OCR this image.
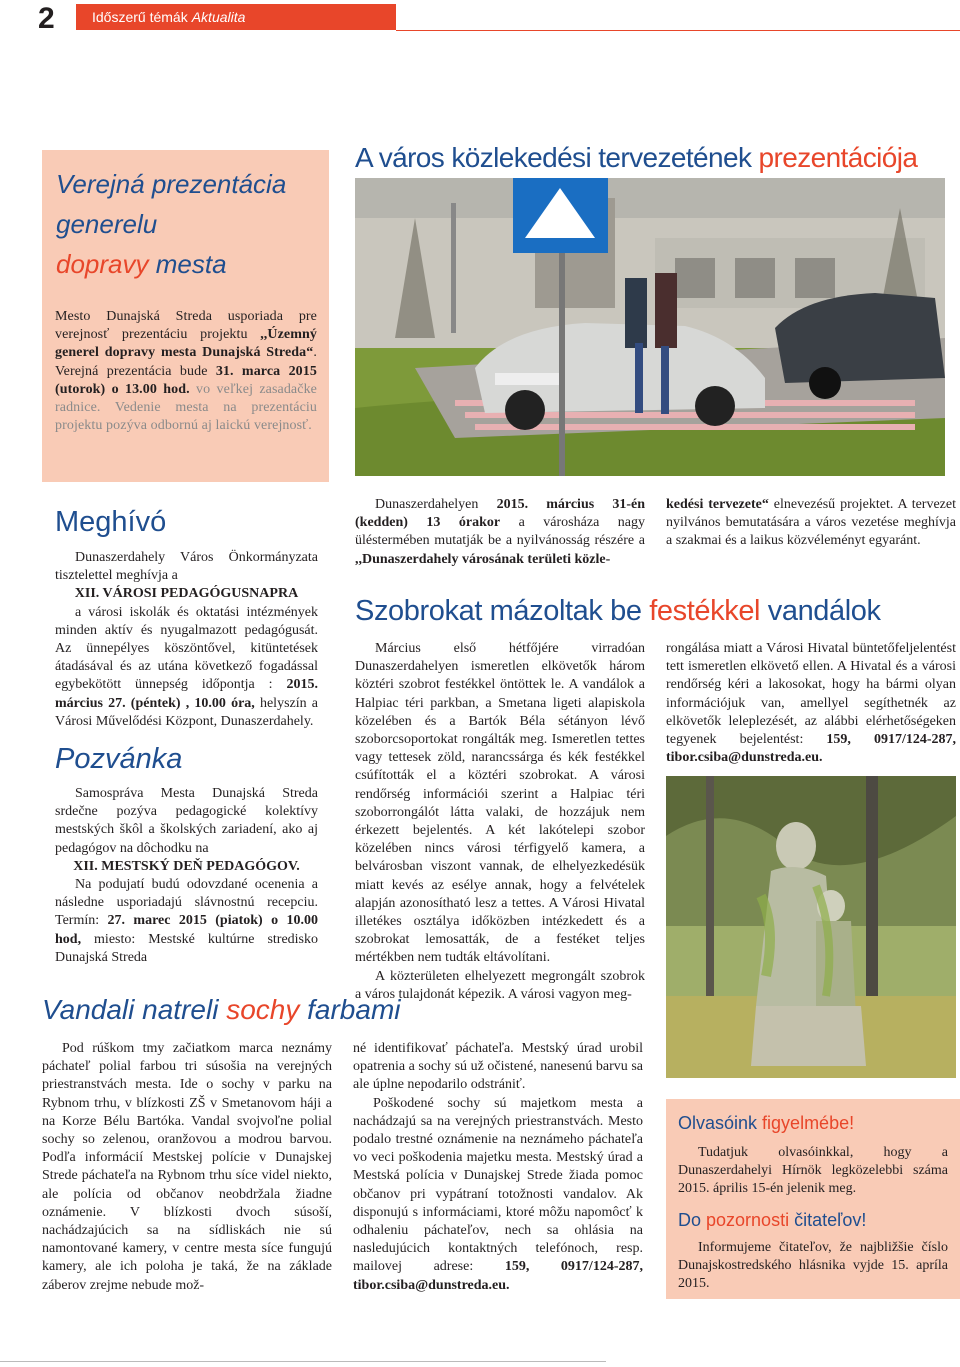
2	Időszerű témák Aktualita
Verejná prezentácia
generelu
dopravy mesta
Mesto Dunajská Streda usporiada pre verejnosť prezentáciu projektu ,,Územný generel dopravy mesta Dunajská Streda“. Verejná prezentácia bude 31. marca 2015 (utorok) o 13.00 hod. vo veľkej zasadačke radnice. Vedenie mesta na prezentáciu projektu pozýva odbornú aj laickú verejnosť.
A város közlekedési tervezetének prezentációja

Dunaszerdahelyen 2015. március 31-én (kedden) 13 órakor a városháza nagy üléstermében mutatják be a nyilvánosság részére a ,,Dunaszerdahely városának területi közle-

kedési tervezete“ elnevezésű projektet. A tervezet nyilvános bemutatására a város vezetése meghívja a szakmai és a laikus közvéleményt egyaránt.

Meghívó

Dunaszerdahely Város Önkormányzata tisztelettel meghívja a

XII. VÁROSI PEDAGÓGUSNAPRA

a városi iskolák és oktatási intézmények minden aktív és nyugalmazott pedagógusát. Az ünnepélyes köszöntővel, kitüntetések átadásával és az utána következő fogadással egybekötött ünnepség időpontja : 2015. március 27. (péntek) , 10.00 óra, helyszín a Városi Művelődési Központ, Dunaszerdahely.

Pozvánka

Samospráva Mesta Dunajská Streda srdečne pozýva pedagogické kolektívy mestských škôl a školských zariadení, ako aj pedagógov na dôchodku na

XII. MESTSKÝ DEŇ PEDAGÓGOV.

Na podujatí budú odovzdané ocenenia a následne usporiadajú slávnostnú recepciu. Termín: 27. marec 2015 (piatok) o 10.00 hod, miesto: Mestské kultúrne stredisko Dunajská Streda

Szobrokat mázoltak be festékkel vandálok

Március első hétfőjére virradóan Dunaszerdahelyen ismeretlen elkövetők három köztéri szobrot festékkel öntöttek le. A vandálok a Halpiac téri parkban, a Smetana ligeti alapiskola közelében és a Bartók Béla sétányon lévő szoborcsoportokat rongálták meg. Ismeretlen tettes vagy tettesek zöld, narancssárga és kék festékkel csúfították el a köztéri szobrokat. A városi rendőrség információi szerint a Halpiac téri szoborrongálót látta valaki, de hozzájuk nem érkezett bejelentés. A két lakótelepi szobor közelében nincs városi térfigyelő kamera, a belvárosban viszont vannak, de elhelyezkedésük miatt kevés az esélye annak, hogy a felvételek alapján azonosítható lesz a tettes. A Városi Hivatal illetékes osztálya időközben intézkedett és a szobrokat lemosatták, de a festéket teljes mértékben nem tudták eltávolítani.

A közterületen elhelyezett megrongált szobrok a város tulajdonát képezik. A városi vagyon meg-

rongálása miatt a Városi Hivatal büntetőfeljelentést tett ismeretlen elkövető ellen. A Hivatal és a városi rendőrség kéri a lakosokat, hogy ha bármi olyan információjuk van, amellyel segíthetnék az elkövetők leleplezését, az alábbi elérhetőségeken tegyenek bejelentést: 159, 0917/124-287, tibor.csiba@dunstreda.eu.

Vandali natreli sochy farbami

Pod rúškom tmy začiatkom marca neznámy páchateľ polial farbou tri súsošia na verejných priestranstvách mesta. Ide o sochy v parku na Rybnom trhu, v blízkosti ZŠ v Smetanovom háji a na Korze Bélu Bartóka. Vandal svojvoľne polial sochy so zelenou, oranžovou a modrou barvou. Podľa informácií Mestskej polície v Dunajskej Strede páchateľa na Rybnom trhu síce videl niekto, ale polícia od občanov neobdržala žiadne oznámenie. V blízkosti dvoch súsoší, nachádzajúcich sa na sídliskách nie sú namontované kamery, v centre mesta síce fungujú kamery, ale ich poloha je taká, že na základe záberov zrejme nebude mož-

né identifikovať páchateľa. Mestský úrad urobil opatrenia a sochy sú už očistené, nanesenú barvu sa ale úplne nepodarilo odstrániť.

Poškodené sochy sú majetkom mesta a nachádzajú sa na verejných priestranstvách. Mesto podalo trestné oznámenie na neznámeho páchateľa vo veci poškodenia majetku mesta. Mestský úrad a Mestská polícia v Dunajskej Strede žiada pomoc občanov pri vypátraní totožnosti vandalov. Ak disponujú s informáciami, ktoré môžu napomôcť k odhaleniu páchateľov, nech sa ohlásia na nasledujúcich kontaktných telefónoch, resp. mailovej adrese: 159, 0917/124-287, tibor.csiba@dunstreda.eu.

Olvasóink figyelmébe!

Tudatjuk olvasóinkkal, hogy a Dunaszerdahelyi Hírnök legközelebbi száma 2015. április 15-én jelenik meg.

Do pozornosti čitateľov!

Informujeme čitateľov, že najbližšie číslo Dunajskostredského hlásnika vyjde 15. apríla 2015.
